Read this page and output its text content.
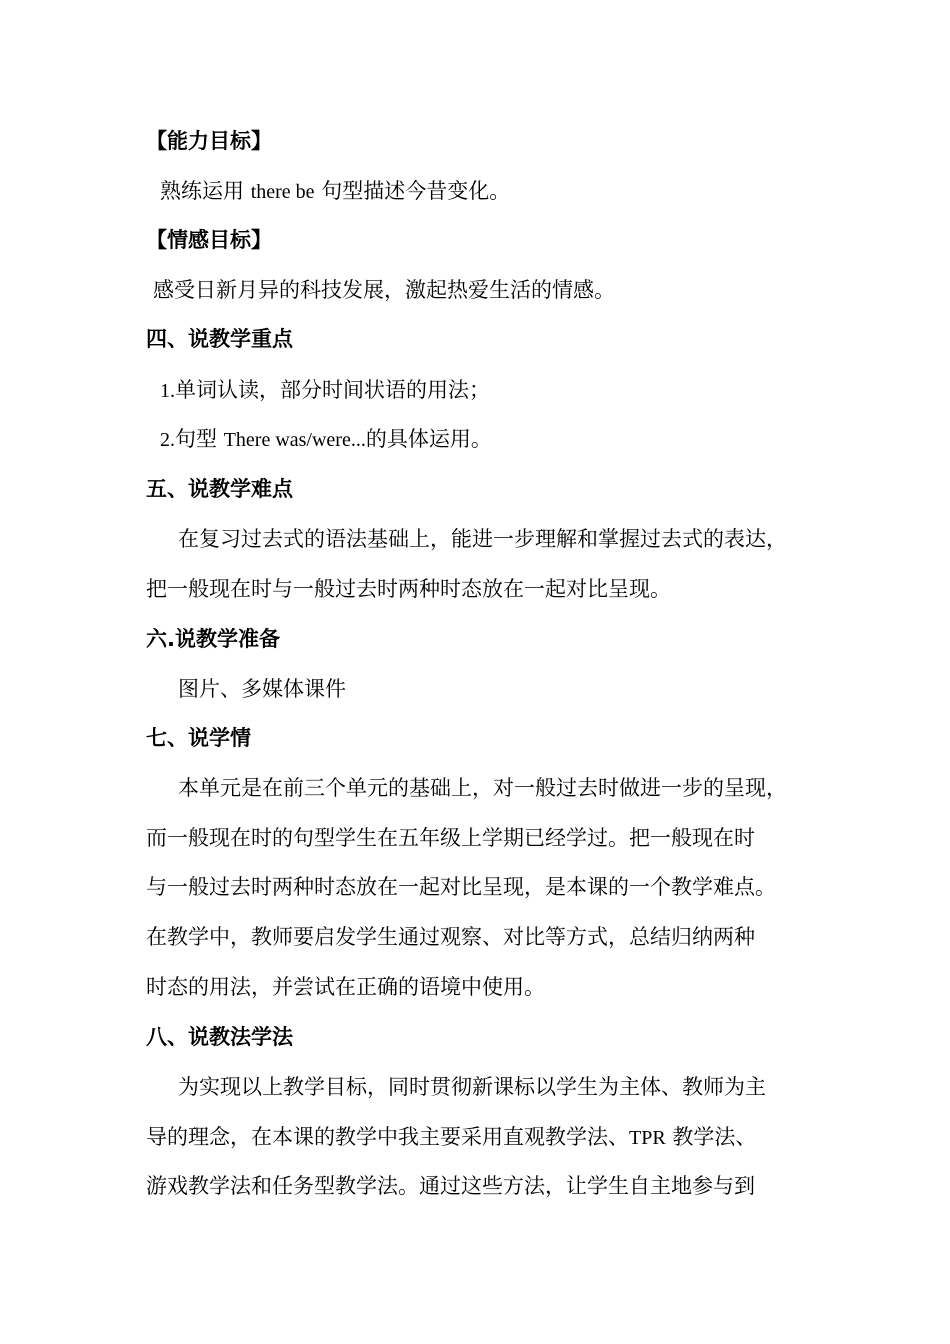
【能力目标】
熟练运用 there be 句型描述今昔变化。
【情感目标】
感受日新月异的科技发展，激起热爱生活的情感。
四、说教学重点
1.单词认读，部分时间状语的用法；
2.句型 There was/were...的具体运用。
五、说教学难点
在复习过去式的语法基础上，能进一步理解和掌握过去式的表达，
把一般现在时与一般过去时两种时态放在一起对比呈现。
六.说教学准备
图片、多媒体课件
七、说学情
本单元是在前三个单元的基础上，对一般过去时做进一步的呈现，
而一般现在时的句型学生在五年级上学期已经学过。把一般现在时
与一般过去时两种时态放在一起对比呈现，是本课的一个教学难点。
在教学中，教师要启发学生通过观察、对比等方式，总结归纳两种
时态的用法，并尝试在正确的语境中使用。
八、说教法学法
为实现以上教学目标，同时贯彻新课标以学生为主体、教师为主
导的理念，在本课的教学中我主要采用直观教学法、TPR 教学法、
游戏教学法和任务型教学法。通过这些方法，让学生自主地参与到
